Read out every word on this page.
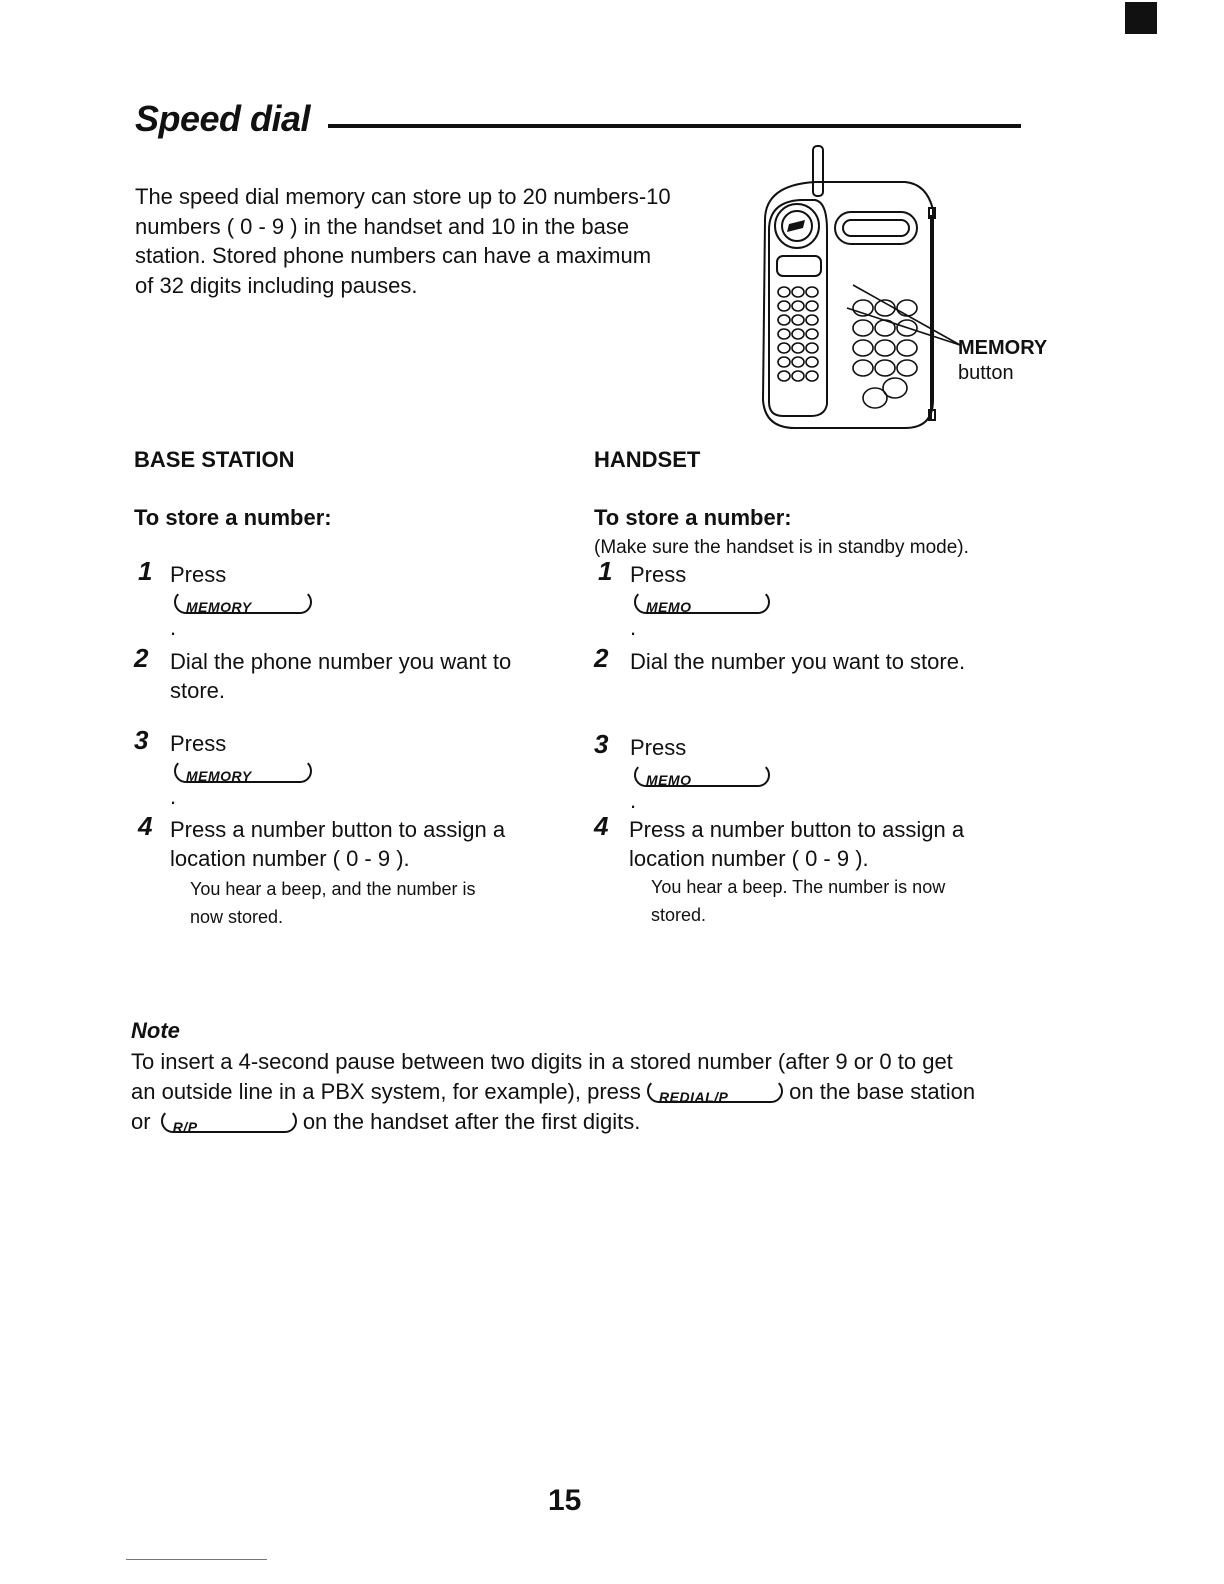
Speed dial
The speed dial memory can store up to 20 numbers-10
numbers ( 0 - 9 ) in the handset and 10 in the base
station. Stored phone numbers can have a maximum
of 32 digits including pauses.
MEMORY
button
BASE STATION
To store a number:
1 Press
MEMORY
.
2 Dial the phone number you want to
store.
3 Press
MEMORY
.
4 Press a number button to assign a
location number ( 0 - 9 ).
You hear a beep, and the number is
now stored.
HANDSET
To store a number:
(Make sure the handset is in standby mode).
1 Press
MEMO
.
2 Dial the number you want to store.
3 Press
MEMO
.
4 Press a number button to assign a
location number ( 0 - 9 ).
You hear a beep. The number is now
stored.
Note
To insert a 4-second pause between two digits in a stored number (after 9 or 0 to get
an outside line in a PBX system, for example), press REDIAL/P	on the base station
or R/P	on the handset after the first digits.
15
